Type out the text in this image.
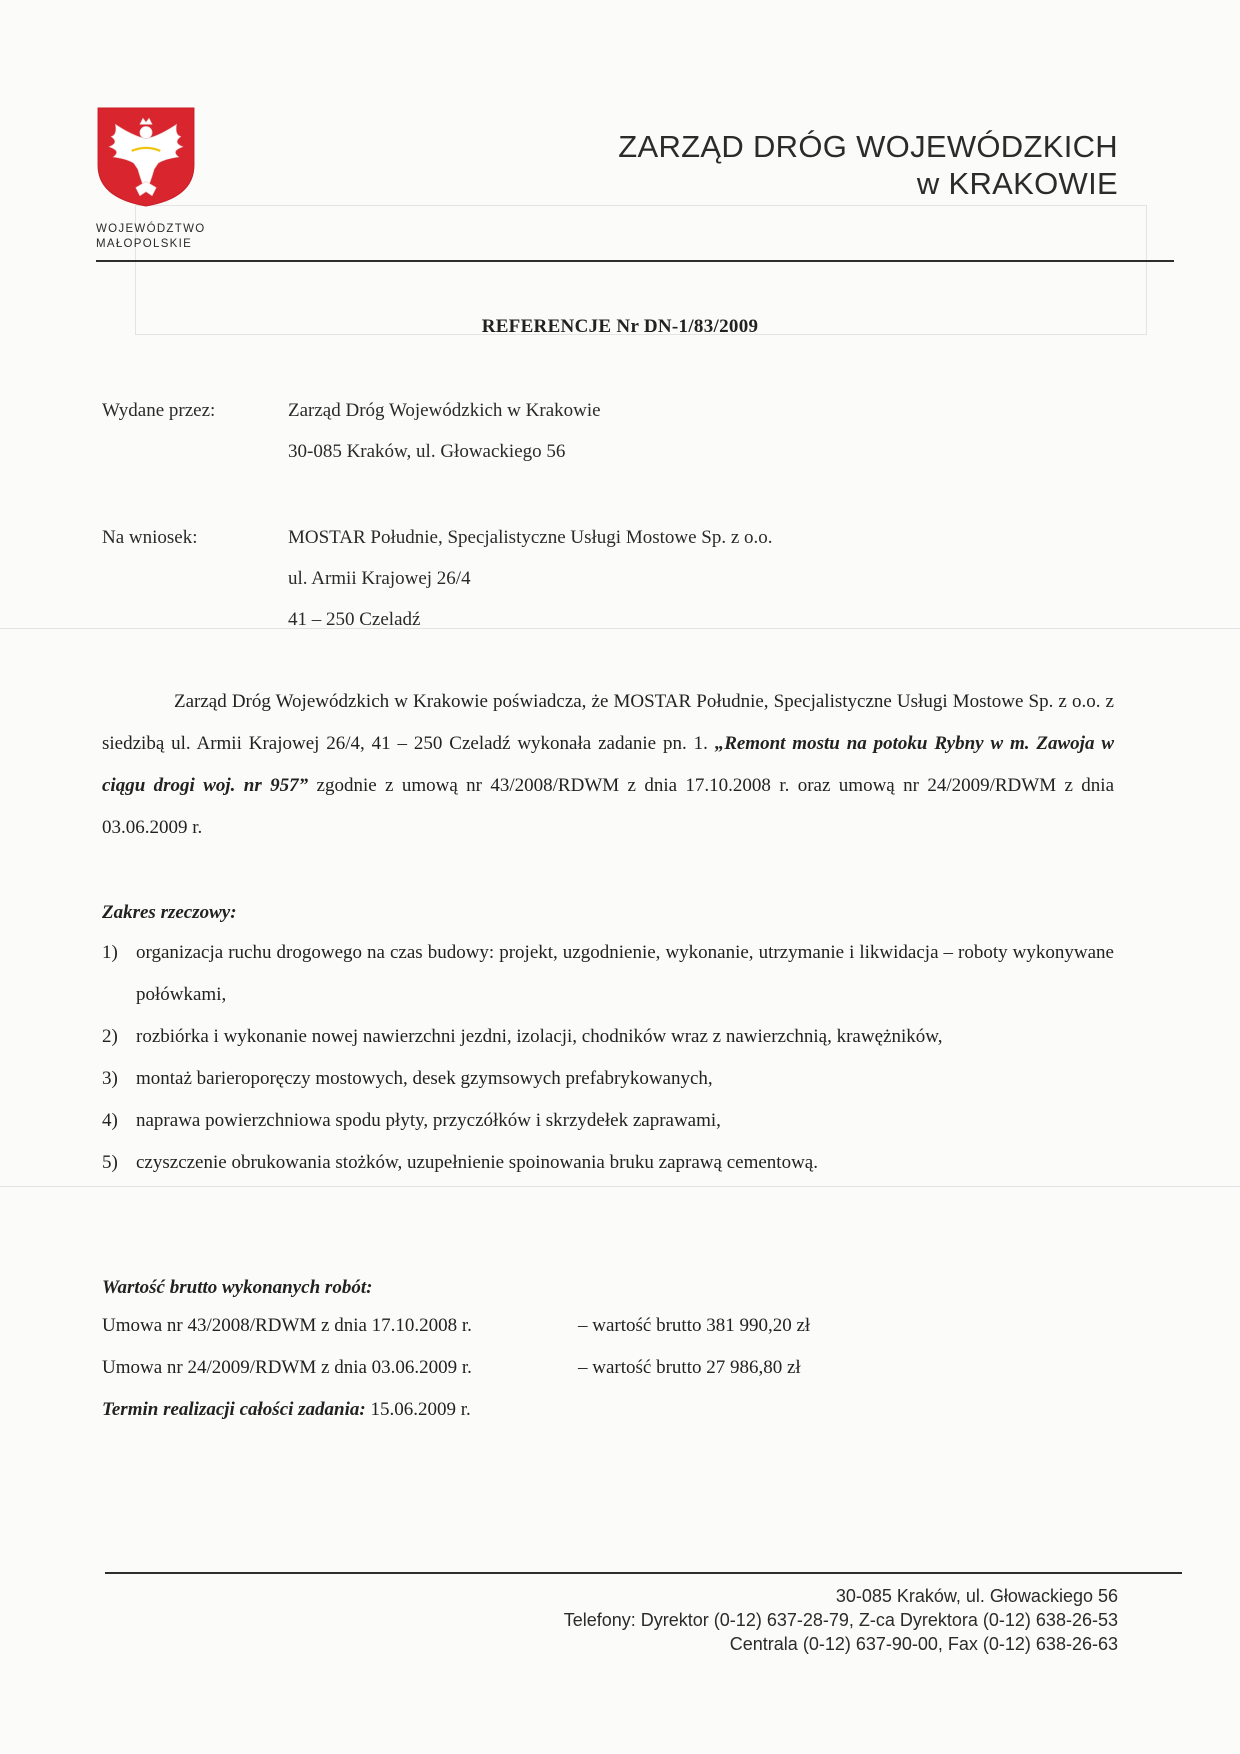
WOJEWÓDZTWO
MAŁOPOLSKIE
ZARZĄD DRÓG WOJEWÓDZKICH
w KRAKOWIE
REFERENCJE Nr DN-1/83/2009
Wydane przez:	Zarząd Dróg Wojewódzkich w Krakowie
30-085 Kraków, ul. Głowackiego 56
Na wniosek:	MOSTAR Południe, Specjalistyczne Usługi Mostowe Sp. z o.o.
ul. Armii Krajowej 26/4
41 – 250 Czeladź

Zarząd Dróg Wojewódzkich w Krakowie poświadcza, że MOSTAR Południe, Specjalistyczne Usługi Mostowe Sp. z o.o. z siedzibą ul. Armii Krajowej 26/4, 41 – 250 Czeladź wykonała zadanie pn. 1. „Remont mostu na potoku Rybny w m. Zawoja w ciągu drogi woj. nr 957” zgodnie z umową nr 43/2008/RDWM z dnia 17.10.2008 r. oraz umową nr 24/2009/RDWM z dnia 03.06.2009 r.

Zakres rzeczowy:
1) organizacja ruchu drogowego na czas budowy: projekt, uzgodnienie, wykonanie, utrzymanie i likwidacja – roboty wykonywane połówkami,
2) rozbiórka i wykonanie nowej nawierzchni jezdni, izolacji, chodników wraz z nawierzchnią, krawężników,
3) montaż barieroporęczy mostowych, desek gzymsowych prefabrykowanych,
4) naprawa powierzchniowa spodu płyty, przyczółków i skrzydełek zaprawami,
5) czyszczenie obrukowania stożków, uzupełnienie spoinowania bruku zaprawą cementową.
Wartość brutto wykonanych robót:
Umowa nr 43/2008/RDWM z dnia 17.10.2008 r.	– wartość brutto 381 990,20 zł
Umowa nr 24/2009/RDWM z dnia 03.06.2009 r.	– wartość brutto 27 986,80 zł
Termin realizacji całości zadania: 15.06.2009 r.
30-085 Kraków, ul. Głowackiego 56
Telefony: Dyrektor (0-12) 637-28-79, Z-ca Dyrektora (0-12) 638-26-53
Centrala (0-12) 637-90-00, Fax (0-12) 638-26-63
